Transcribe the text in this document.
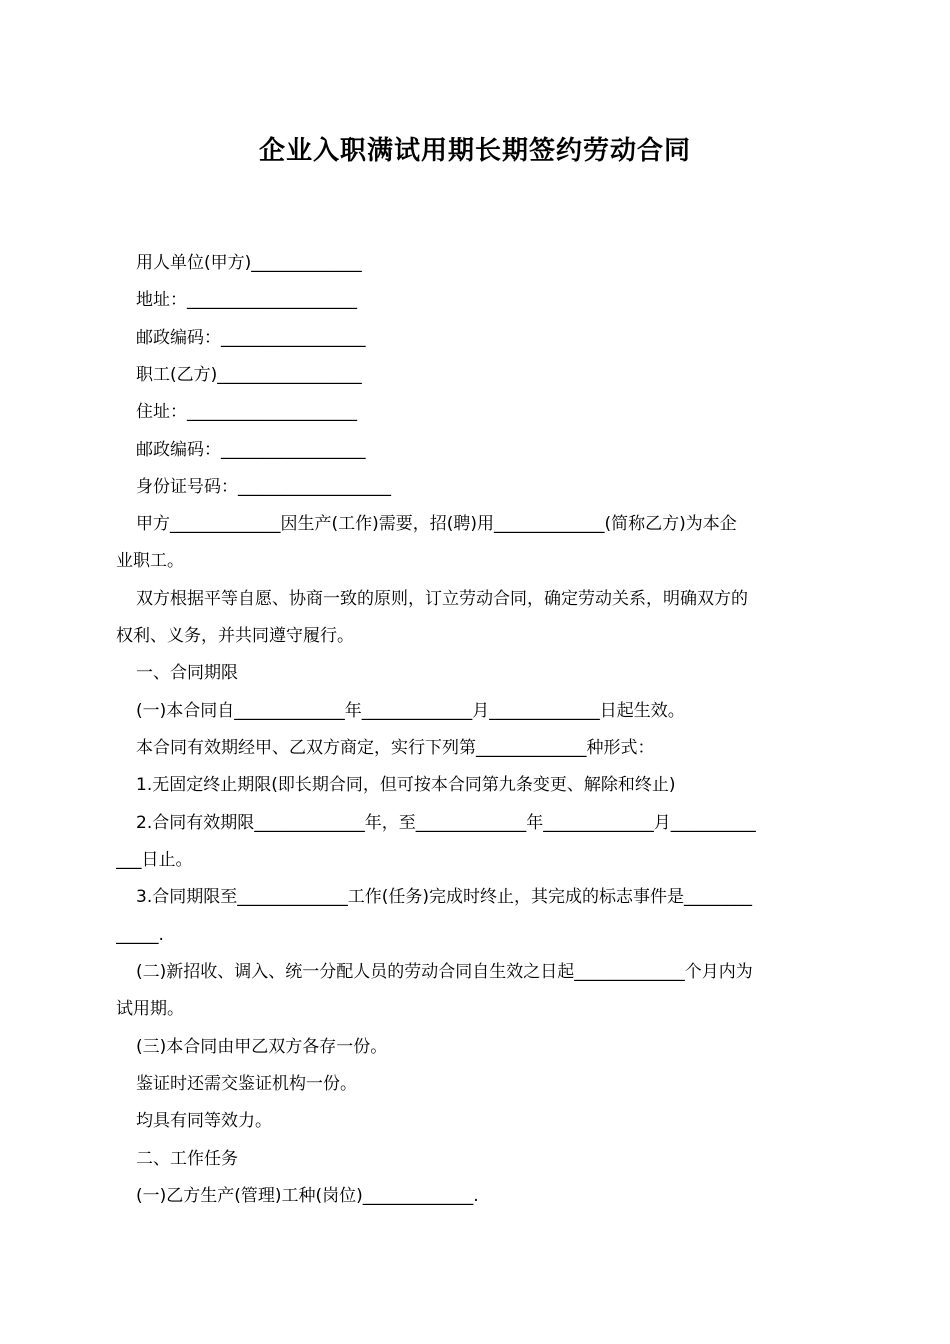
企业入职满试用期长期签约劳动合同
用人单位(甲方)_____________
地址：____________________
邮政编码：_________________
职工(乙方)_________________
住址：____________________
邮政编码：_________________
身份证号码：__________________
甲方_____________因生产(工作)需要，招(聘)用_____________(简称乙方)为本企
业职工。
双方根据平等自愿、协商一致的原则，订立劳动合同，确定劳动关系，明确双方的
权利、义务，并共同遵守履行。
一、合同期限
(一)本合同自_____________年_____________月_____________日起生效。
本合同有效期经甲、乙双方商定，实行下列第_____________种形式：
1.无固定终止期限(即长期合同，但可按本合同第九条变更、解除和终止)
2.合同有效期限_____________年，至_____________年_____________月__________
___日止。
3.合同期限至_____________工作(任务)完成时终止，其完成的标志事件是________
_____.
(二)新招收、调入、统一分配人员的劳动合同自生效之日起_____________个月内为
试用期。
(三)本合同由甲乙双方各存一份。
鉴证时还需交鉴证机构一份。
均具有同等效力。
二、工作任务
(一)乙方生产(管理)工种(岗位)_____________.
